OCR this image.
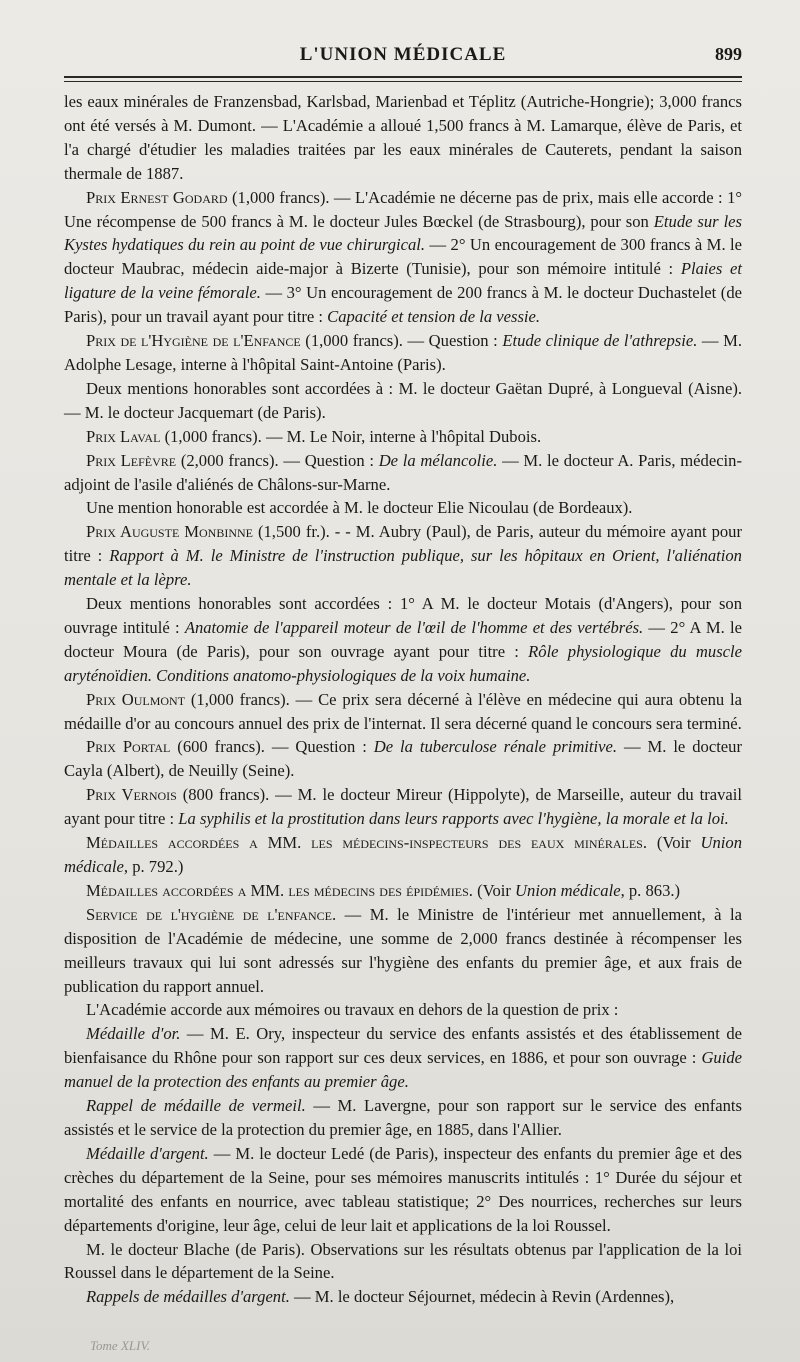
L'UNION MÉDICALE	899

les eaux minérales de Franzensbad, Karlsbad, Marienbad et Téplitz (Autriche-Hongrie); 3,000 francs ont été versés à M. Dumont. — L'Académie a alloué 1,500 francs à M. Lamarque, élève de Paris, et l'a chargé d'étudier les maladies traitées par les eaux minérales de Cauterets, pendant la saison thermale de 1887.

Prix Ernest Godard (1,000 francs). — L'Académie ne décerne pas de prix, mais elle accorde : 1° Une récompense de 500 francs à M. le docteur Jules Bœckel (de Strasbourg), pour son Etude sur les Kystes hydatiques du rein au point de vue chirurgical. — 2° Un encouragement de 300 francs à M. le docteur Maubrac, médecin aide-major à Bizerte (Tunisie), pour son mémoire intitulé : Plaies et ligature de la veine fémorale. — 3° Un encouragement de 200 francs à M. le docteur Duchastelet (de Paris), pour un travail ayant pour titre : Capacité et tension de la vessie.

Prix de l'Hygiène de l'Enfance (1,000 francs). — Question : Etude clinique de l'athrepsie. — M. Adolphe Lesage, interne à l'hôpital Saint-Antoine (Paris).

Deux mentions honorables sont accordées à : M. le docteur Gaëtan Dupré, à Longueval (Aisne). — M. le docteur Jacquemart (de Paris).

Prix Laval (1,000 francs). — M. Le Noir, interne à l'hôpital Dubois.

Prix Lefèvre (2,000 francs). — Question : De la mélancolie. — M. le docteur A. Paris, médecin-adjoint de l'asile d'aliénés de Châlons-sur-Marne.

Une mention honorable est accordée à M. le docteur Elie Nicoulau (de Bordeaux).

Prix Auguste Monbinne (1,500 fr.). - - M. Aubry (Paul), de Paris, auteur du mémoire ayant pour titre : Rapport à M. le Ministre de l'instruction publique, sur les hôpitaux en Orient, l'aliénation mentale et la lèpre.

Deux mentions honorables sont accordées : 1° A M. le docteur Motais (d'Angers), pour son ouvrage intitulé : Anatomie de l'appareil moteur de l'œil de l'homme et des vertébrés. — 2° A M. le docteur Moura (de Paris), pour son ouvrage ayant pour titre : Rôle physiologique du muscle aryténoïdien. Conditions anatomo-physiologiques de la voix humaine.

Prix Oulmont (1,000 francs). — Ce prix sera décerné à l'élève en médecine qui aura obtenu la médaille d'or au concours annuel des prix de l'internat. Il sera décerné quand le concours sera terminé.

Prix Portal (600 francs). — Question : De la tuberculose rénale primitive. — M. le docteur Cayla (Albert), de Neuilly (Seine).

Prix Vernois (800 francs). — M. le docteur Mireur (Hippolyte), de Marseille, auteur du travail ayant pour titre : La syphilis et la prostitution dans leurs rapports avec l'hygiène, la morale et la loi.

Médailles accordées a MM. les médecins-inspecteurs des eaux minérales. (Voir Union médicale, p. 792.)

Médailles accordées a MM. les médecins des épidémies. (Voir Union médicale, p. 863.)

Service de l'hygiène de l'enfance. — M. le Ministre de l'intérieur met annuellement, à la disposition de l'Académie de médecine, une somme de 2,000 francs destinée à récompenser les meilleurs travaux qui lui sont adressés sur l'hygiène des enfants du premier âge, et aux frais de publication du rapport annuel.

L'Académie accorde aux mémoires ou travaux en dehors de la question de prix :

Médaille d'or. — M. E. Ory, inspecteur du service des enfants assistés et des établissement de bienfaisance du Rhône pour son rapport sur ces deux services, en 1886, et pour son ouvrage : Guide manuel de la protection des enfants au premier âge.

Rappel de médaille de vermeil. — M. Lavergne, pour son rapport sur le service des enfants assistés et le service de la protection du premier âge, en 1885, dans l'Allier.

Médaille d'argent. — M. le docteur Ledé (de Paris), inspecteur des enfants du premier âge et des crèches du département de la Seine, pour ses mémoires manuscrits intitulés : 1° Durée du séjour et mortalité des enfants en nourrice, avec tableau statistique; 2° Des nourrices, recherches sur leurs départements d'origine, leur âge, celui de leur lait et applications de la loi Roussel.

M. le docteur Blache (de Paris). Observations sur les résultats obtenus par l'application de la loi Roussel dans le département de la Seine.

Rappels de médailles d'argent. — M. le docteur Séjournet, médecin à Revin (Ardennes),

Tome XLIV.
